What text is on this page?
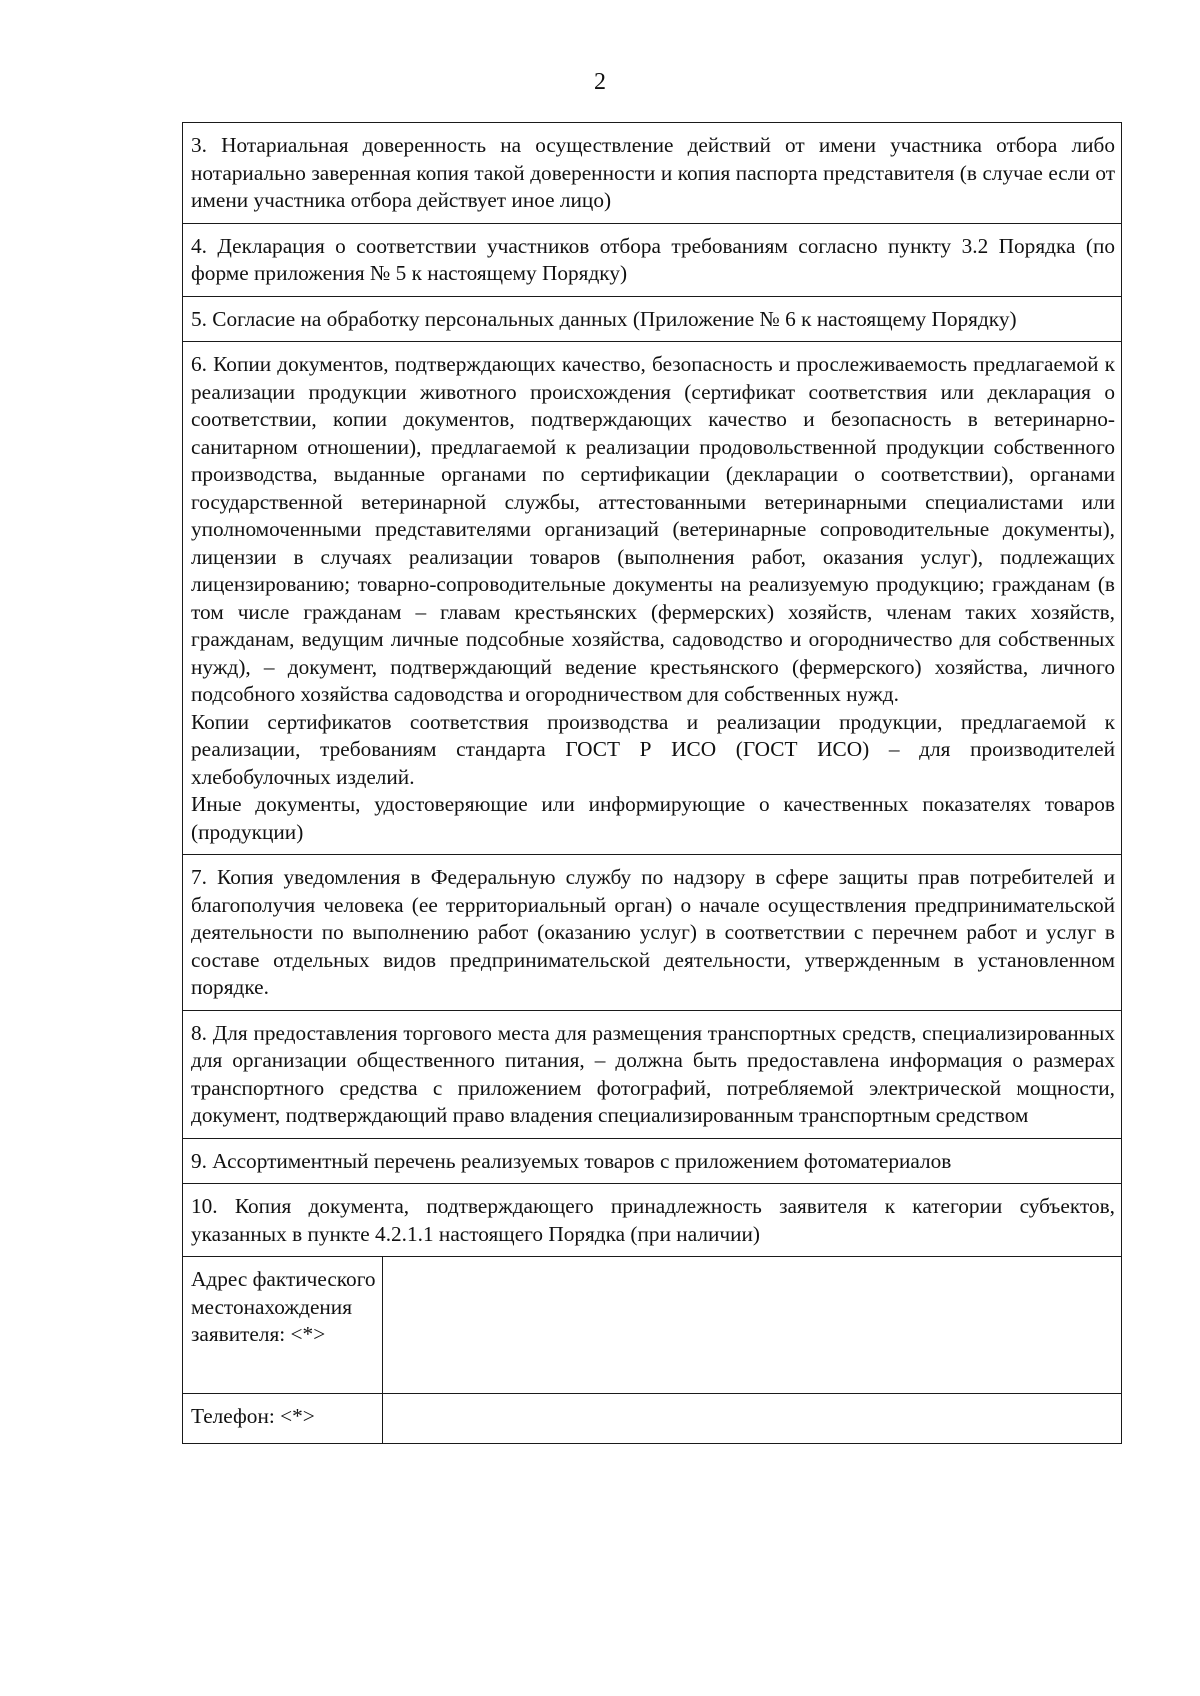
2

3. Нотариальная доверенность на осуществление действий от имени участника отбора либо нотариально заверенная копия такой доверенности и копия паспорта представителя (в случае если от имени участника отбора действует иное лицо)

4. Декларация о соответствии участников отбора требованиям согласно пункту 3.2 Порядка (по форме приложения № 5 к настоящему Порядку)

5. Согласие на обработку персональных данных (Приложение № 6 к настоящему Порядку)

6. Копии документов, подтверждающих качество, безопасность и прослеживаемость предлагаемой к реализации продукции животного происхождения (сертификат соответствия или декларация о соответствии, копии документов, подтверждающих качество и безопасность в ветеринарно-санитарном отношении), предлагаемой к реализации продовольственной продукции собственного производства, выданные органами по сертификации (декларации о соответствии), органами государственной ветеринарной службы, аттестованными ветеринарными специалистами или уполномоченными представителями организаций (ветеринарные сопроводительные документы), лицензии в случаях реализации товаров (выполнения работ, оказания услуг), подлежащих лицензированию; товарно-сопроводительные документы на реализуемую продукцию; гражданам (в том числе гражданам – главам крестьянских (фермерских) хозяйств, членам таких хозяйств, гражданам, ведущим личные подсобные хозяйства, садоводство и огородничество для собственных нужд), – документ, подтверждающий ведение крестьянского (фермерского) хозяйства, личного подсобного хозяйства садоводства и огородничеством для собственных нужд.

Копии сертификатов соответствия производства и реализации продукции, предлагаемой к реализации, требованиям стандарта ГОСТ Р ИСО (ГОСТ ИСО) – для производителей хлебобулочных изделий.

Иные документы, удостоверяющие или информирующие о качественных показателях товаров (продукции)

7. Копия уведомления в Федеральную службу по надзору в сфере защиты прав потребителей и благополучия человека (ее территориальный орган) о начале осуществления предпринимательской деятельности по выполнению работ (оказанию услуг) в соответствии с перечнем работ и услуг в составе отдельных видов предпринимательской деятельности, утвержденным в установленном порядке.

8. Для предоставления торгового места для размещения транспортных средств, специализированных для организации общественного питания, – должна быть предоставлена информация о размерах транспортного средства с приложением фотографий, потребляемой электрической мощности, документ, подтверждающий право владения специализированным транспортным средством

9. Ассортиментный перечень реализуемых товаров с приложением фотоматериалов

10. Копия документа, подтверждающего принадлежность заявителя к категории субъектов, указанных в пункте 4.2.1.1 настоящего Порядка (при наличии)

Адрес фактического местонахождения заявителя: <*>
Телефон: <*>
